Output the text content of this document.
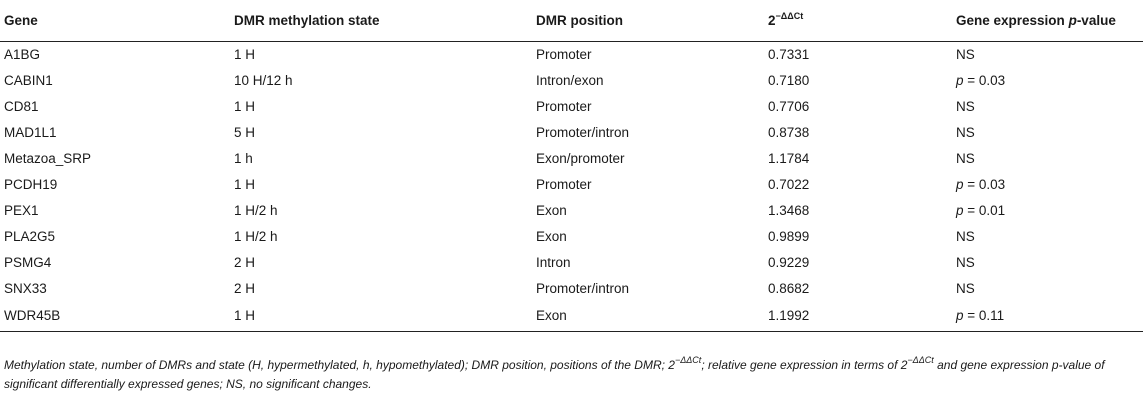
Gene	DMR methylation state	DMR position	$2^{-\Delta\Delta Ct}$	Gene expression p-value
A1BG	1 H	Promoter	0.7331	NS
CABIN1	10 H/12 h	Intron/exon	0.7180	p = 0.03
CD81	1 H	Promoter	0.7706	NS
MAD1L1	5 H	Promoter/intron	0.8738	NS
Metazoa_SRP	1 h	Exon/promoter	1.1784	NS
PCDH19	1 H	Promoter	0.7022	p = 0.03
PEX1	1 H/2 h	Exon	1.3468	p = 0.01
PLA2G5	1 H/2 h	Exon	0.9899	NS
PSMG4	2 H	Intron	0.9229	NS
SNX33	2 H	Promoter/intron	0.8682	NS
WDR45B	1 H	Exon	1.1992	p = 0.11
Methylation state, number of DMRs and state (H, hypermethylated, h, hypomethylated); DMR position, positions of the DMR; $2^{-\Delta\Delta Ct}$; relative gene expression in terms of $2^{-\Delta\Delta Ct}$ and gene expression p-value of significant differentially expressed genes; NS, no significant changes.
